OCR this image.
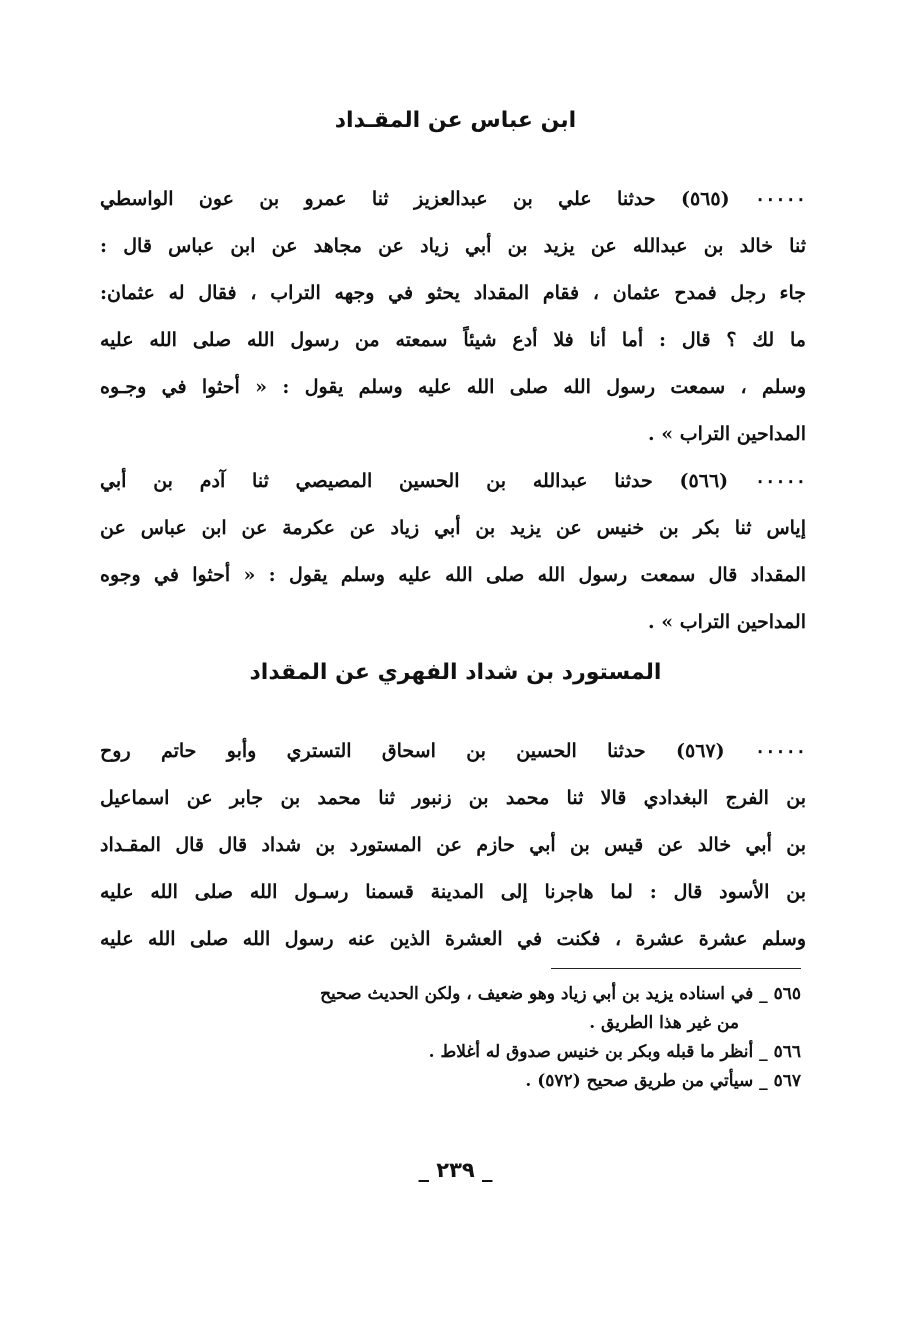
ابن عباس عن المقـداد
٠٠٠٠٠ (٥٦٥) حدثنا علي بن عبدالعزيز ثنا عمرو بن عون الواسطي
ثنا خالد بن عبدالله عن يزيد بن أبي زياد عن مجاهد عن ابن عباس قال :
جاء رجل فمدح عثمان ، فقام المقداد يحثو في وجهه التراب ، فقال له عثمان:
ما لك ؟ قال : أما أنا فلا أدع شيئاً سمعته من رسول الله صلى الله عليه
وسلم ، سمعت رسول الله صلى الله عليه وسلم يقول : « أحثوا في وجـوه
المداحين التراب » .
٠٠٠٠٠ (٥٦٦) حدثنا عبدالله بن الحسين المصيصي ثنا آدم بن أبي
إياس ثنا بكر بن خنيس عن يزيد بن أبي زياد عن عكرمة عن ابن عباس عن
المقداد قال سمعت رسول الله صلى الله عليه وسلم يقول : « أحثوا في وجوه
المداحين التراب » .
المستورد بن شداد الفهري عن المقداد
٠٠٠٠٠ (٥٦٧) حدثنا الحسين بن اسحاق التستري وأبو حاتم روح
بن الفرج البغدادي قالا ثنا محمد بن زنبور ثنا محمد بن جابر عن اسماعيل
بن أبي خالد عن قيس بن أبي حازم عن المستورد بن شداد قال قال المقـداد
بن الأسود قال : لما هاجرنا إلى المدينة قسمنا رسـول الله صلى الله عليه
وسلم عشرة عشرة ، فكنت في العشرة الذين عنه رسول الله صلى الله عليه
٥٦٥ _ في اسناده يزيد بن أبي زياد وهو ضعيف ، ولكن الحديث صحيح
من غير هذا الطريق .
٥٦٦ _ أنظر ما قبله وبكر بن خنيس صدوق له أغلاط .
٥٦٧ _ سيأتي من طريق صحيح (٥٧٢) .
_ ٢٣٩ _
